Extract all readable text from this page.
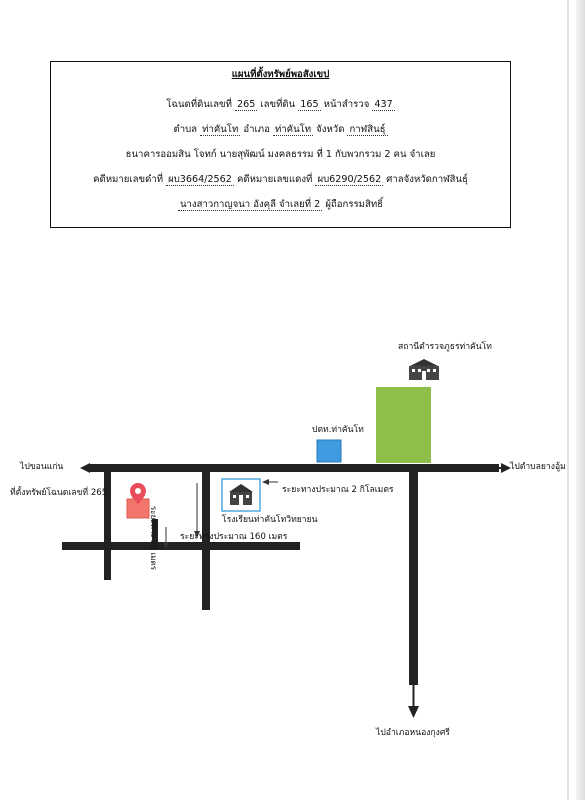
แผนที่ตั้งทรัพย์พอสังเขป
โฉนดที่ดินเลขที่ 265 เลขที่ดิน 165 หน้าสำรวจ 437
ตำบล ท่าคันโท อำเภอ ท่าคันโท จังหวัด กาฬสินธุ์
ธนาคารออมสิน โจทก์ นายสุพัฒน์ มงคลธรรม ที่ 1 กับพวกรวม 2 คน จำเลย
คดีหมายเลขดำที่ ผบ3664/2562 คดีหมายเลขแดงที่ ผบ6290/2562 ศาลจังหวัดกาฬสินธุ์
นางสาวกาญจนา อังคุลี จำเลยที่ 2 ผู้ถือกรรมสิทธิ์
สถานีตำรวจภูธรท่าคันโท
ปตท.ท่าคันโท
ไปขอนแก่น	ไปตำบลยางอู้ม
ที่ตั้งทรัพย์โฉนดเลขที่ 265	ระยะทางประมาณ 2 กิโลเมตร
โรงเรียนท่าคันโทวิทยายน
ระยะทาง 30 เมตร	ระยะทางประมาณ 160 เมตร
ไปอำเภอหนองกุงศรี
